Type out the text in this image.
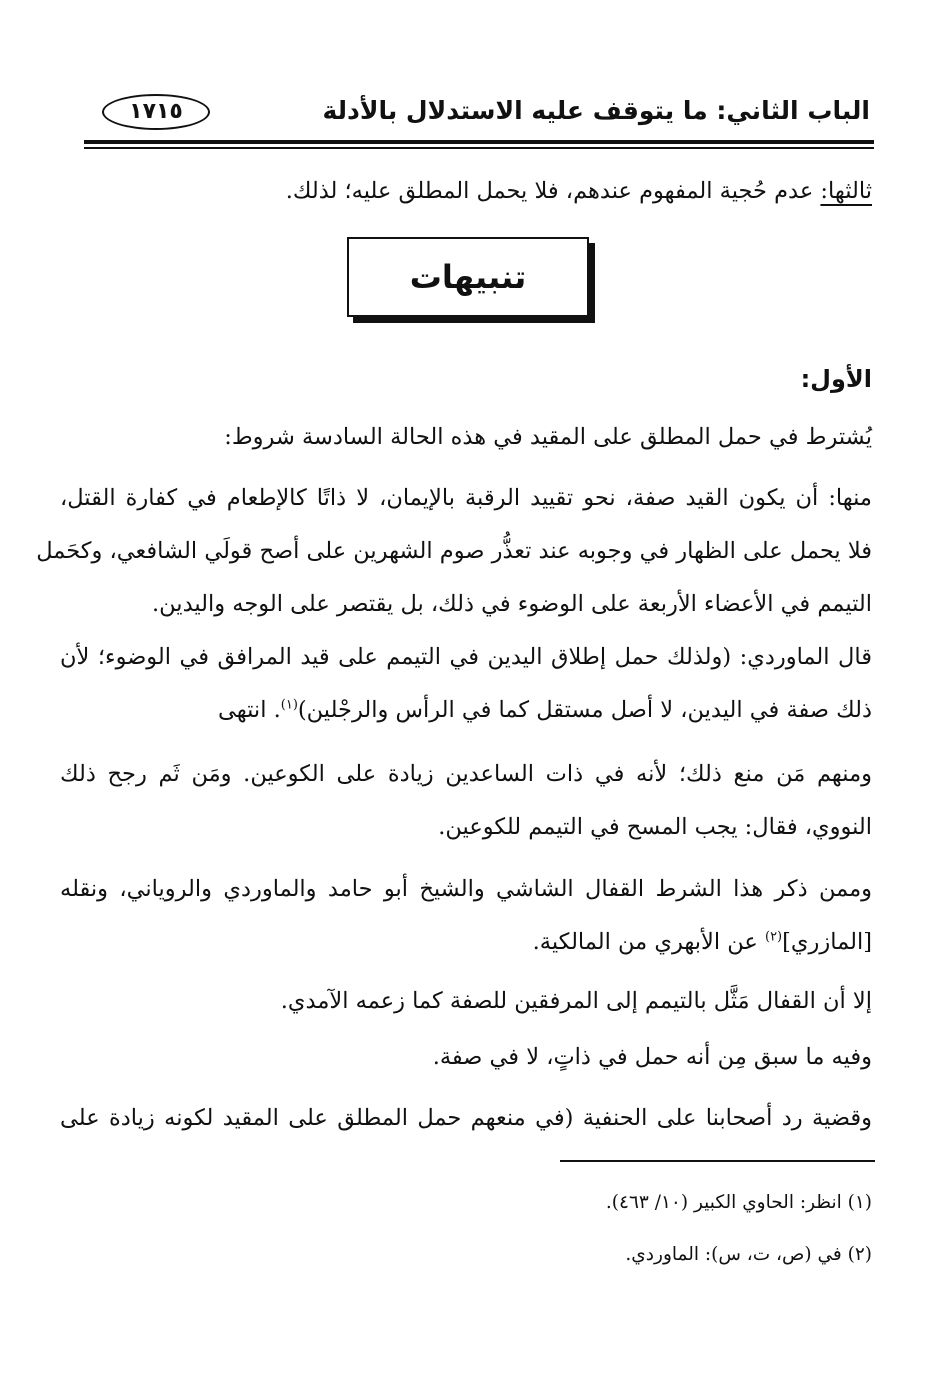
الباب الثاني: ما يتوقف عليه الاستدلال بالأدلة
١٧١٥
ثالثها: عدم حُجية المفهوم عندهم، فلا يحمل المطلق عليه؛ لذلك.
تنبيهات
الأول:
يُشترط في حمل المطلق على المقيد في هذه الحالة السادسة شروط:
منها: أن يكون القيد صفة، نحو تقييد الرقبة بالإيمان، لا ذاتًا كالإطعام في كفارة القتل،
فلا يحمل على الظهار في وجوبه عند تعذُّر صوم الشهرين على أصح قولَي الشافعي، وكحَمل
التيمم في الأعضاء الأربعة على الوضوء في ذلك، بل يقتصر على الوجه واليدين.
قال الماوردي: (ولذلك حمل إطلاق اليدين في التيمم على قيد المرافق في الوضوء؛ لأن
ذلك صفة في اليدين، لا أصل مستقل كما في الرأس والرجْلين)$^{(١)}$. انتهى
ومنهم مَن منع ذلك؛ لأنه في ذات الساعدين زيادة على الكوعين. ومَن ثَم رجح ذلك
النووي، فقال: يجب المسح في التيمم للكوعين.
وممن ذكر هذا الشرط القفال الشاشي والشيخ أبو حامد والماوردي والروياني، ونقله
[المازري]$^{(٢)}$ عن الأبهري من المالكية.
إلا أن القفال مَثَّل بالتيمم إلى المرفقين للصفة كما زعمه الآمدي.
وفيه ما سبق مِن أنه حمل في ذاتٍ، لا في صفة.
وقضية رد أصحابنا على الحنفية (في منعهم حمل المطلق على المقيد لكونه زيادة على
(١) انظر: الحاوي الكبير (١٠/ ٤٦٣).
(٢) في (ص، ت، س): الماوردي.
